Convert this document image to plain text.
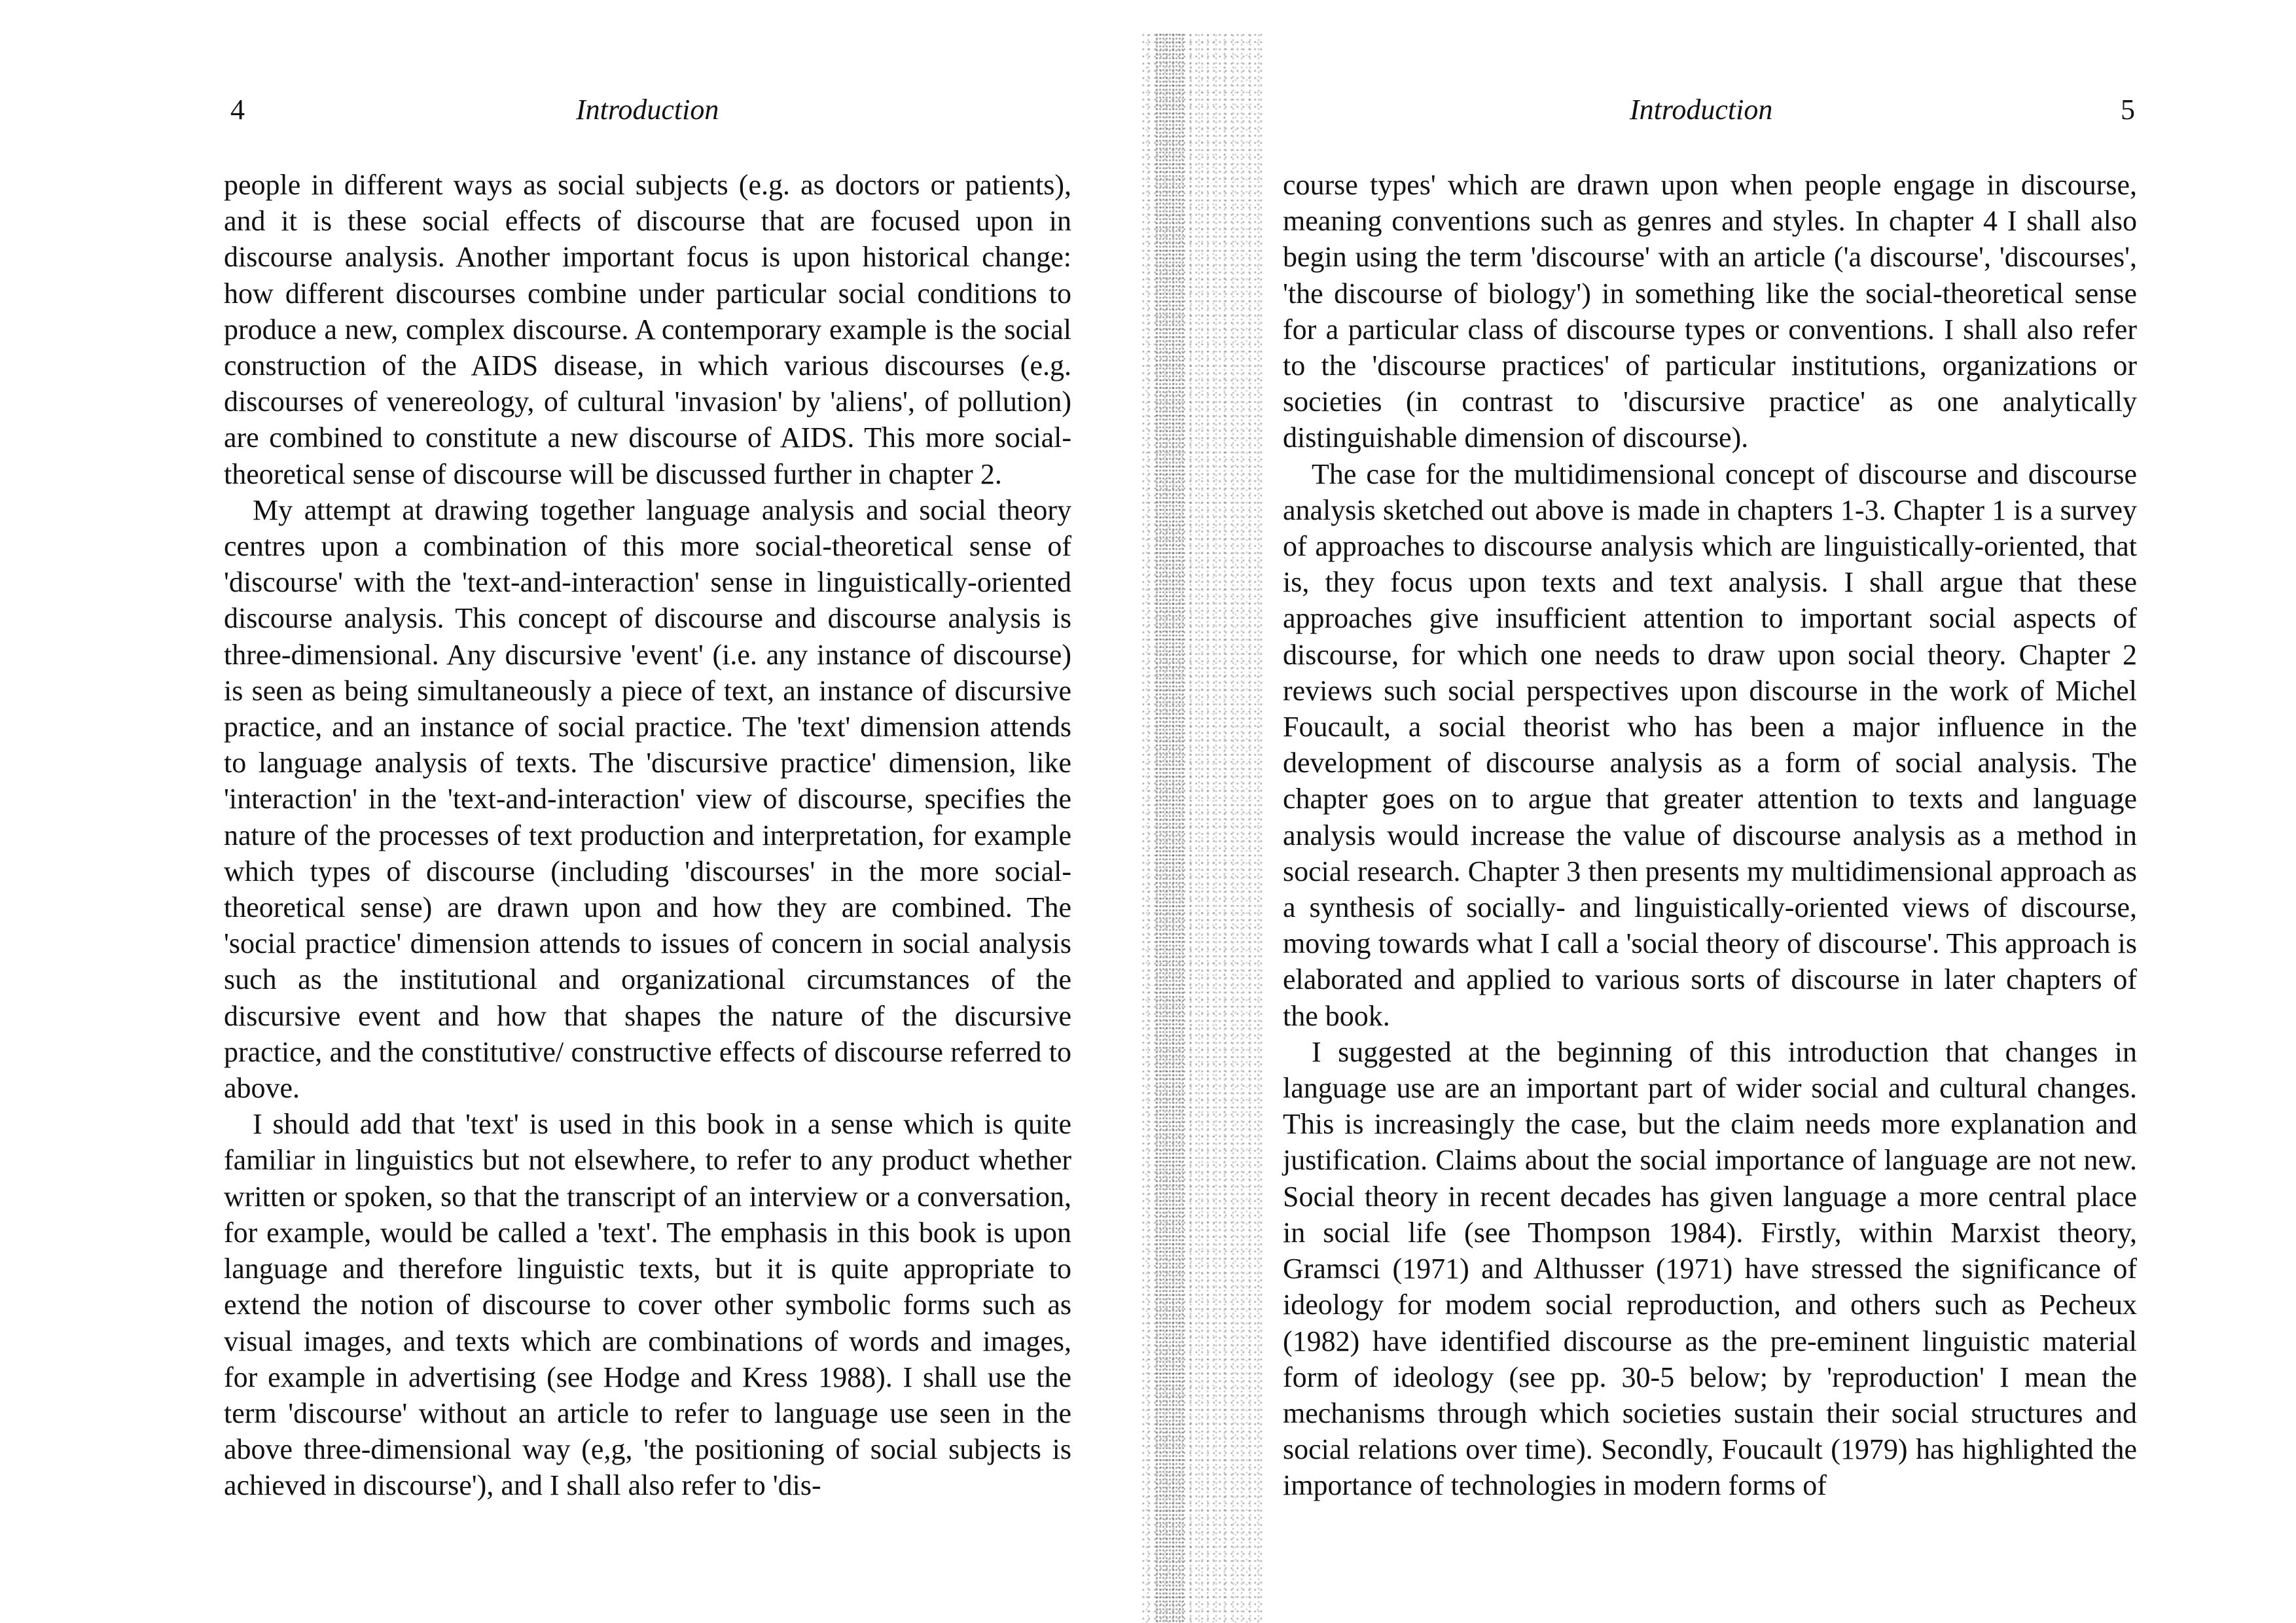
4	Introduction

people in different ways as social subjects (e.g. as doctors or patients), and it is these social effects of discourse that are focused upon in discourse analysis. Another important focus is upon historical change: how different discourses combine under particular social conditions to produce a new, complex discourse. A contemporary example is the social construction of the AIDS disease, in which various discourses (e.g. discourses of venereology, of cultural 'invasion' by 'aliens', of pollution) are combined to constitute a new discourse of AIDS. This more social-theoretical sense of discourse will be discussed further in chapter 2.

My attempt at drawing together language analysis and social theory centres upon a combination of this more social-theoretical sense of 'discourse' with the 'text-and-interaction' sense in linguistically-oriented discourse analysis. This concept of discourse and discourse analysis is three-dimensional. Any discursive 'event' (i.e. any instance of discourse) is seen as being simultaneously a piece of text, an instance of discursive practice, and an instance of social practice. The 'text' dimension attends to language analysis of texts. The 'discursive practice' dimension, like 'interaction' in the 'text-and-interaction' view of discourse, specifies the nature of the processes of text production and interpretation, for example which types of discourse (including 'discourses' in the more social-theoretical sense) are drawn upon and how they are combined. The 'social practice' dimension attends to issues of concern in social analysis such as the institutional and organizational circumstances of the discursive event and how that shapes the nature of the discursive practice, and the constitutive/ constructive effects of discourse referred to above.

I should add that 'text' is used in this book in a sense which is quite familiar in linguistics but not elsewhere, to refer to any product whether written or spoken, so that the transcript of an interview or a conversation, for example, would be called a 'text'. The emphasis in this book is upon language and therefore linguistic texts, but it is quite appropriate to extend the notion of discourse to cover other symbolic forms such as visual images, and texts which are combinations of words and images, for example in advertising (see Hodge and Kress 1988). I shall use the term 'discourse' without an article to refer to language use seen in the above three-dimensional way (e,g, 'the positioning of social subjects is achieved in discourse'), and I shall also refer to 'dis-

Introduction	5

course types' which are drawn upon when people engage in discourse, meaning conventions such as genres and styles. In chapter 4 I shall also begin using the term 'discourse' with an article ('a discourse', 'discourses', 'the discourse of biology') in something like the social-theoretical sense for a particular class of discourse types or conventions. I shall also refer to the 'discourse practices' of particular institutions, organizations or societies (in contrast to 'discursive practice' as one analytically distinguishable dimension of discourse).

The case for the multidimensional concept of discourse and discourse analysis sketched out above is made in chapters 1-3. Chapter 1 is a survey of approaches to discourse analysis which are linguistically-oriented, that is, they focus upon texts and text analysis. I shall argue that these approaches give insufficient attention to important social aspects of discourse, for which one needs to draw upon social theory. Chapter 2 reviews such social perspectives upon discourse in the work of Michel Foucault, a social theorist who has been a major influence in the development of discourse analysis as a form of social analysis. The chapter goes on to argue that greater attention to texts and language analysis would increase the value of discourse analysis as a method in social research. Chapter 3 then presents my multidimensional approach as a synthesis of socially- and linguistically-oriented views of discourse, moving towards what I call a 'social theory of discourse'. This approach is elaborated and applied to various sorts of discourse in later chapters of the book.

I suggested at the beginning of this introduction that changes in language use are an important part of wider social and cultural changes. This is increasingly the case, but the claim needs more explanation and justification. Claims about the social importance of language are not new. Social theory in recent decades has given language a more central place in social life (see Thompson 1984). Firstly, within Marxist theory, Gramsci (1971) and Althusser (1971) have stressed the significance of ideology for modem social reproduction, and others such as Pecheux (1982) have identified discourse as the pre-eminent linguistic material form of ideology (see pp. 30-5 below; by 'reproduction' I mean the mechanisms through which societies sustain their social structures and social relations over time). Secondly, Foucault (1979) has highlighted the importance of technologies in modern forms of
